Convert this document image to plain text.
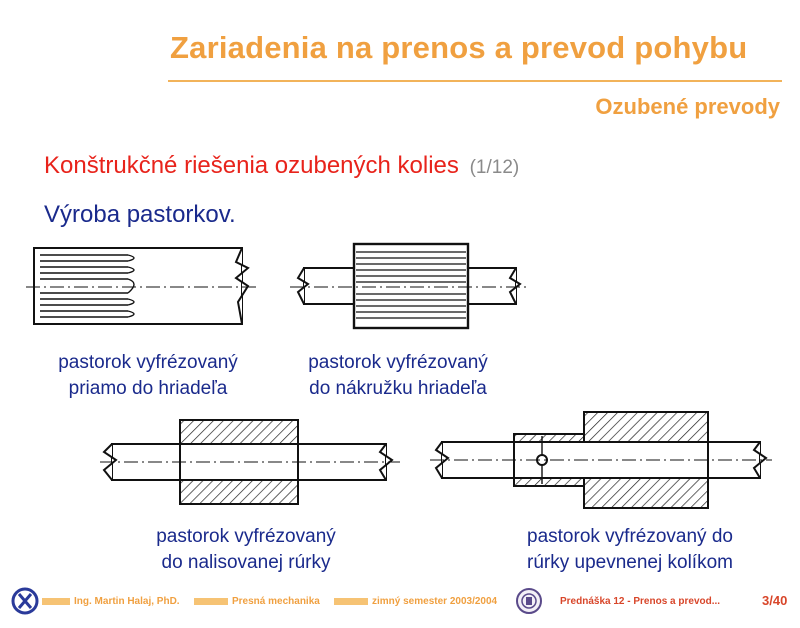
Zariadenia na prenos a prevod pohybu
Ozubené prevody
Konštrukčné riešenia ozubených kolies (1/12)
Výroba pastorkov.
pastorok vyfrézovaný
priamo do hriadeľa
pastorok vyfrézovaný
do nákružku hriadeľa
pastorok vyfrézovaný
do nalisovanej rúrky
pastorok vyfrézovaný do
rúrky upevnenej kolíkom
Ing. Martin Halaj, PhD.	Presná mechanika	zimný semester 2003/2004	Prednáška 12 - Prenos a prevod...	3/40
